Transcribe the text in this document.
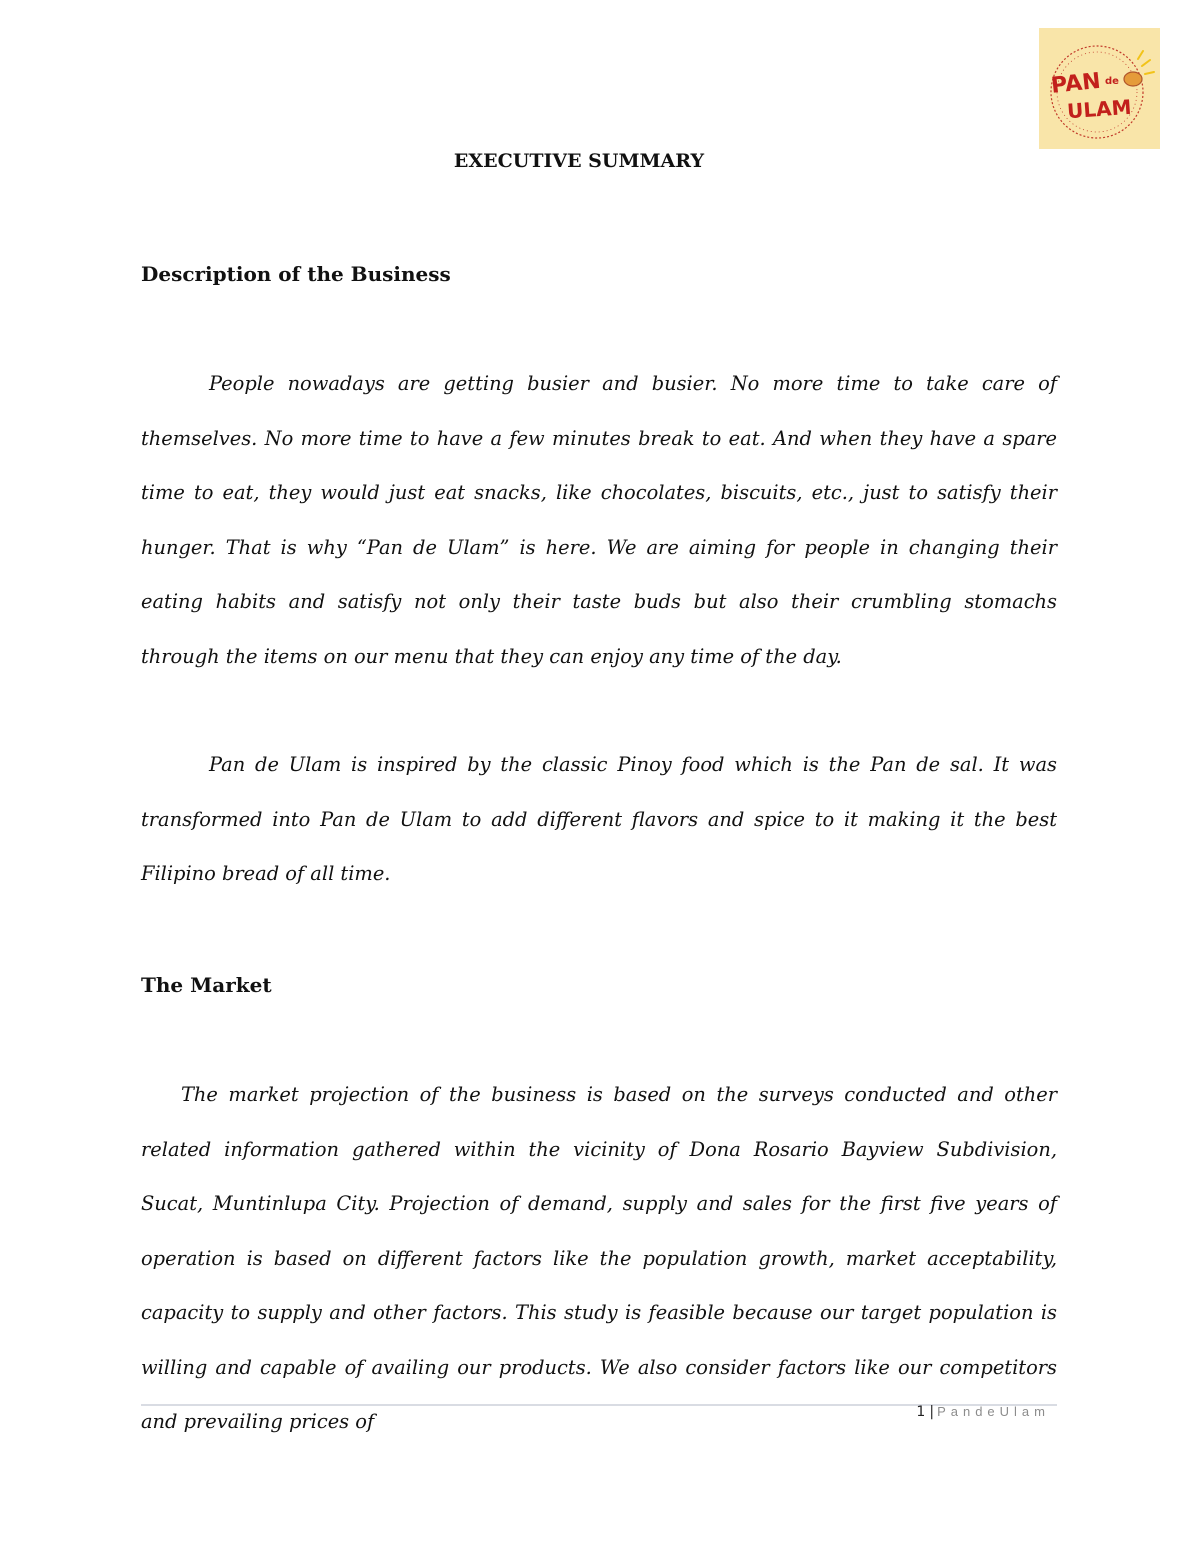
PAN de
ULAM
EXECUTIVE SUMMARY
Description of the Business

People nowadays are getting busier and busier. No more time to take care of themselves. No more time to have a few minutes break to eat. And when they have a spare time to eat, they would just eat snacks, like chocolates, biscuits, etc., just to satisfy their hunger. That is why “Pan de Ulam” is here. We are aiming for people in changing their eating habits and satisfy not only their taste buds but also their crumbling stomachs through the items on our menu that they can enjoy any time of the day.

Pan de Ulam is inspired by the classic Pinoy food which is the Pan de sal. It was transformed into Pan de Ulam to add different flavors and spice to it making it the best Filipino bread of all time.

The Market

The market projection of the business is based on the surveys conducted and other related information gathered within the vicinity of Dona Rosario Bayview Subdivision, Sucat, Muntinlupa City. Projection of demand, supply and sales for the first five years of operation is based on different factors like the population growth, market acceptability, capacity to supply and other factors. This study is feasible because our target population is willing and capable of availing our products. We also consider factors like our competitors and prevailing prices of	1 | PandeUlam
